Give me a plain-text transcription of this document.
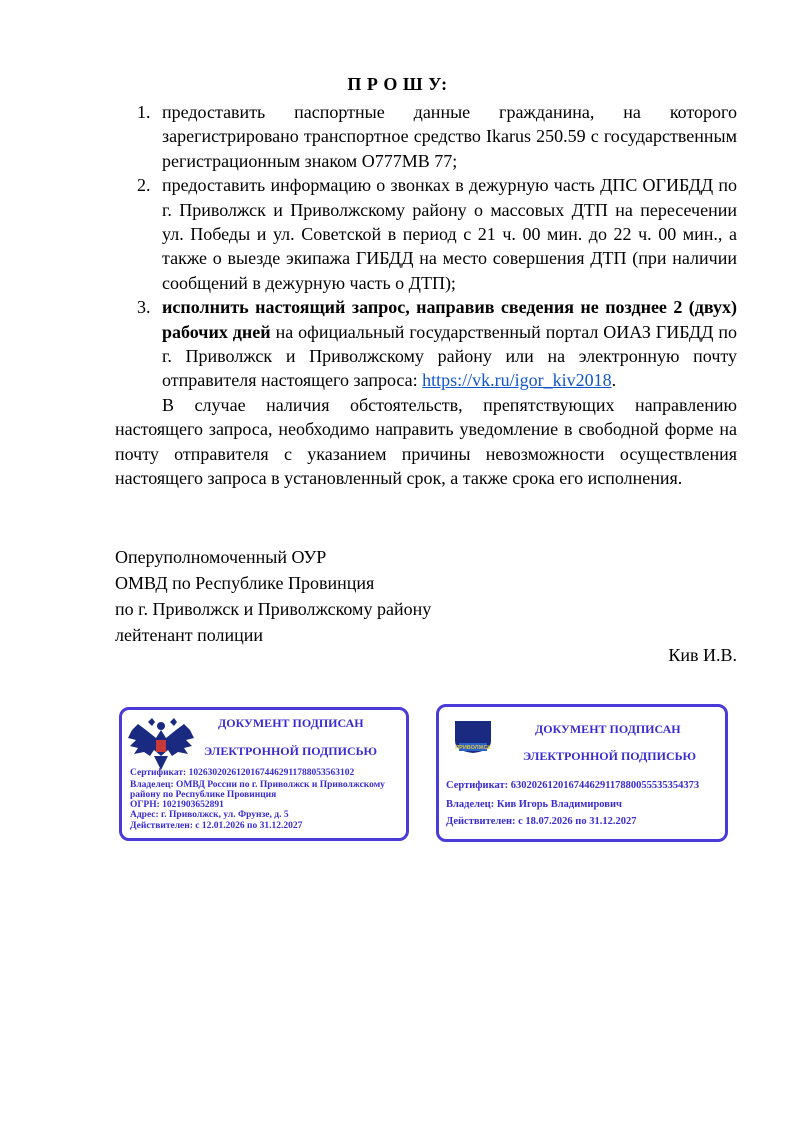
П Р О Ш У:
1. предоставить паспортные данные гражданина, на которого зарегистрировано транспортное средство Ikarus 250.59 с государственным регистрационным знаком О777МВ 77;
2. предоставить информацию о звонках в дежурную часть ДПС ОГИБДД по г. Приволжск и Приволжскому району о массовых ДТП на пересечении ул. Победы и ул. Советской в период с 21 ч. 00 мин. до 22 ч. 00 мин., а также о выезде экипажа ГИБДД на место совершения ДТП (при наличии сообщений в дежурную часть о ДТП);
3. исполнить настоящий запрос, направив сведения не позднее 2 (двух) рабочих дней на официальный государственный портал ОИАЗ ГИБДД по г. Приволжск и Приволжскому району или на электронную почту отправителя настоящего запроса: https://vk.ru/igor_kiv2018.
В случае наличия обстоятельств, препятствующих направлению настоящего запроса, необходимо направить уведомление в свободной форме на почту отправителя с указанием причины невозможности осуществления настоящего запроса в установленный срок, а также срока его исполнения.
Оперуполномоченный ОУР
ОМВД по Республике Провинция
по г. Приволжск и Приволжскому району
лейтенант полиции
Кив И.В.
ДОКУМЕНТ ПОДПИСАН
ЭЛЕКТРОННОЙ ПОДПИСЬЮ
Сертификат: 1026302026120167446291178805356310​2
Владелец: ОМВД России по г. Приволжск и Приволжскому
району по Республике Провинция
ОГРН: 1021903652891
Адрес: г. Приволжск, ул. Фрунзе, д. 5
Действителен: с 12.01.2026 по 31.12.2027
ПРИВОЛЖСК
ДОКУМЕНТ ПОДПИСАН
ЭЛЕКТРОННОЙ ПОДПИСЬЮ
Сертификат: 6302026120167446291178800555353543​73
Владелец: Кив Игорь Владимирович
Действителен: с 18.07.2026 по 31.12.2027
